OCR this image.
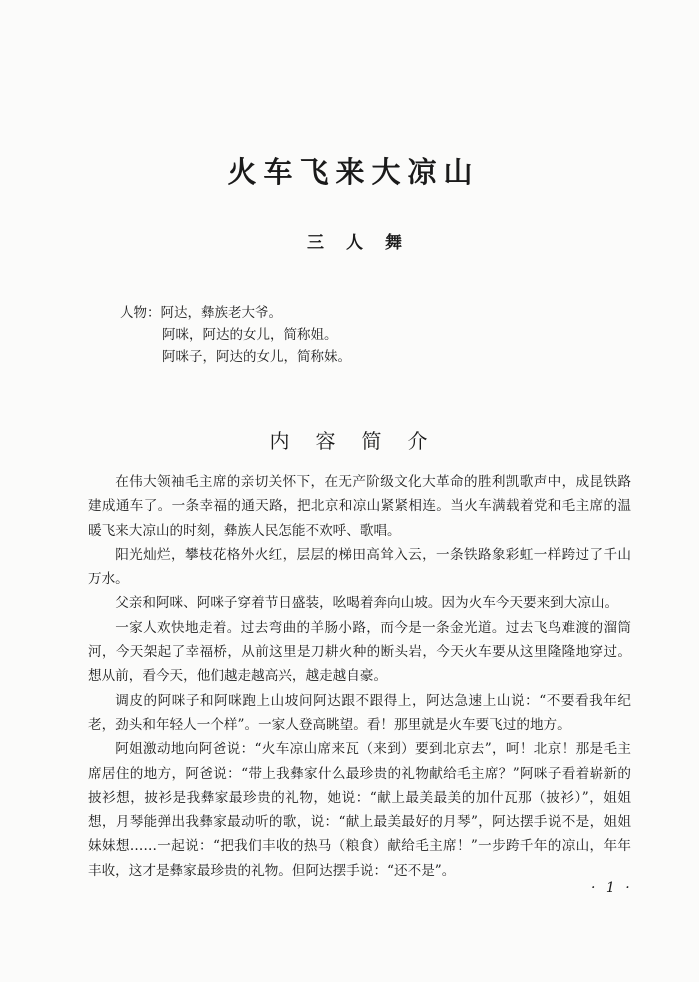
火车飞来大凉山
三人舞
人物：阿达，彝族老大爷。
阿咪，阿达的女儿，简称姐。
阿咪子，阿达的女儿，简称妹。
内容简介

在伟大领袖毛主席的亲切关怀下，在无产阶级文化大革命的胜利凯歌声中，成昆铁路建成通车了。一条幸福的通天路，把北京和凉山紧紧相连。当火车满载着党和毛主席的温暖飞来大凉山的时刻，彝族人民怎能不欢呼、歌唱。

阳光灿烂，攀枝花格外火红，层层的梯田高耸入云，一条铁路象彩虹一样跨过了千山万水。

父亲和阿咪、阿咪子穿着节日盛装，吆喝着奔向山坡。因为火车今天要来到大凉山。

一家人欢快地走着。过去弯曲的羊肠小路，而今是一条金光道。过去飞鸟难渡的溜筒河，今天架起了幸福桥，从前这里是刀耕火种的断头岩，今天火车要从这里隆隆地穿过。想从前，看今天，他们越走越高兴，越走越自豪。

调皮的阿咪子和阿咪跑上山坡问阿达跟不跟得上，阿达急速上山说：“不要看我年纪老，劲头和年轻人一个样”。一家人登高眺望。看！那里就是火车要飞过的地方。

阿姐激动地向阿爸说：“火车凉山席来瓦（来到）要到北京去”，呵！北京！那是毛主席居住的地方，阿爸说：“带上我彝家什么最珍贵的礼物献给毛主席？”阿咪子看着崭新的披衫想，披衫是我彝家最珍贵的礼物，她说：“献上最美最美的加什瓦那（披衫）”，姐姐想，月琴能弹出我彝家最动听的歌，说：“献上最美最好的月琴”，阿达摆手说不是，姐姐妹妹想……一起说：“把我们丰收的热马（粮食）献给毛主席！”一步跨千年的凉山，年年丰收，这才是彝家最珍贵的礼物。但阿达摆手说：“还不是”。

· 1 ·
